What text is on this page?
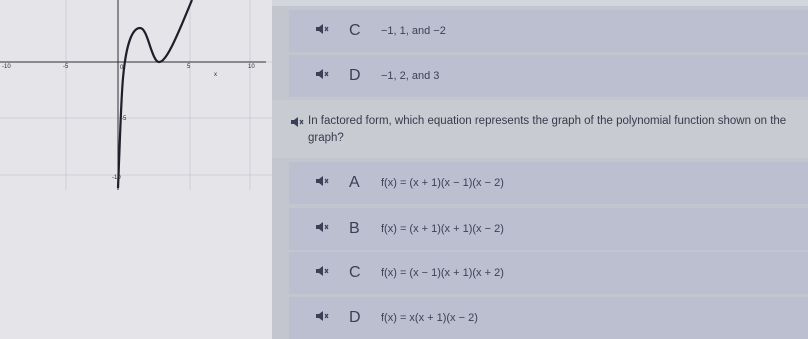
-10	-5	0	5	10
x
-5
-10
C −1, 1, and −2
D −1, 2, and 3
In factored form, which equation represents the graph of the polynomial function shown on the graph?
A f(x) = (x + 1)(x − 1)(x − 2)
B f(x) = (x + 1)(x + 1)(x − 2)
C f(x) = (x − 1)(x + 1)(x + 2)
D f(x) = x(x + 1)(x − 2)
